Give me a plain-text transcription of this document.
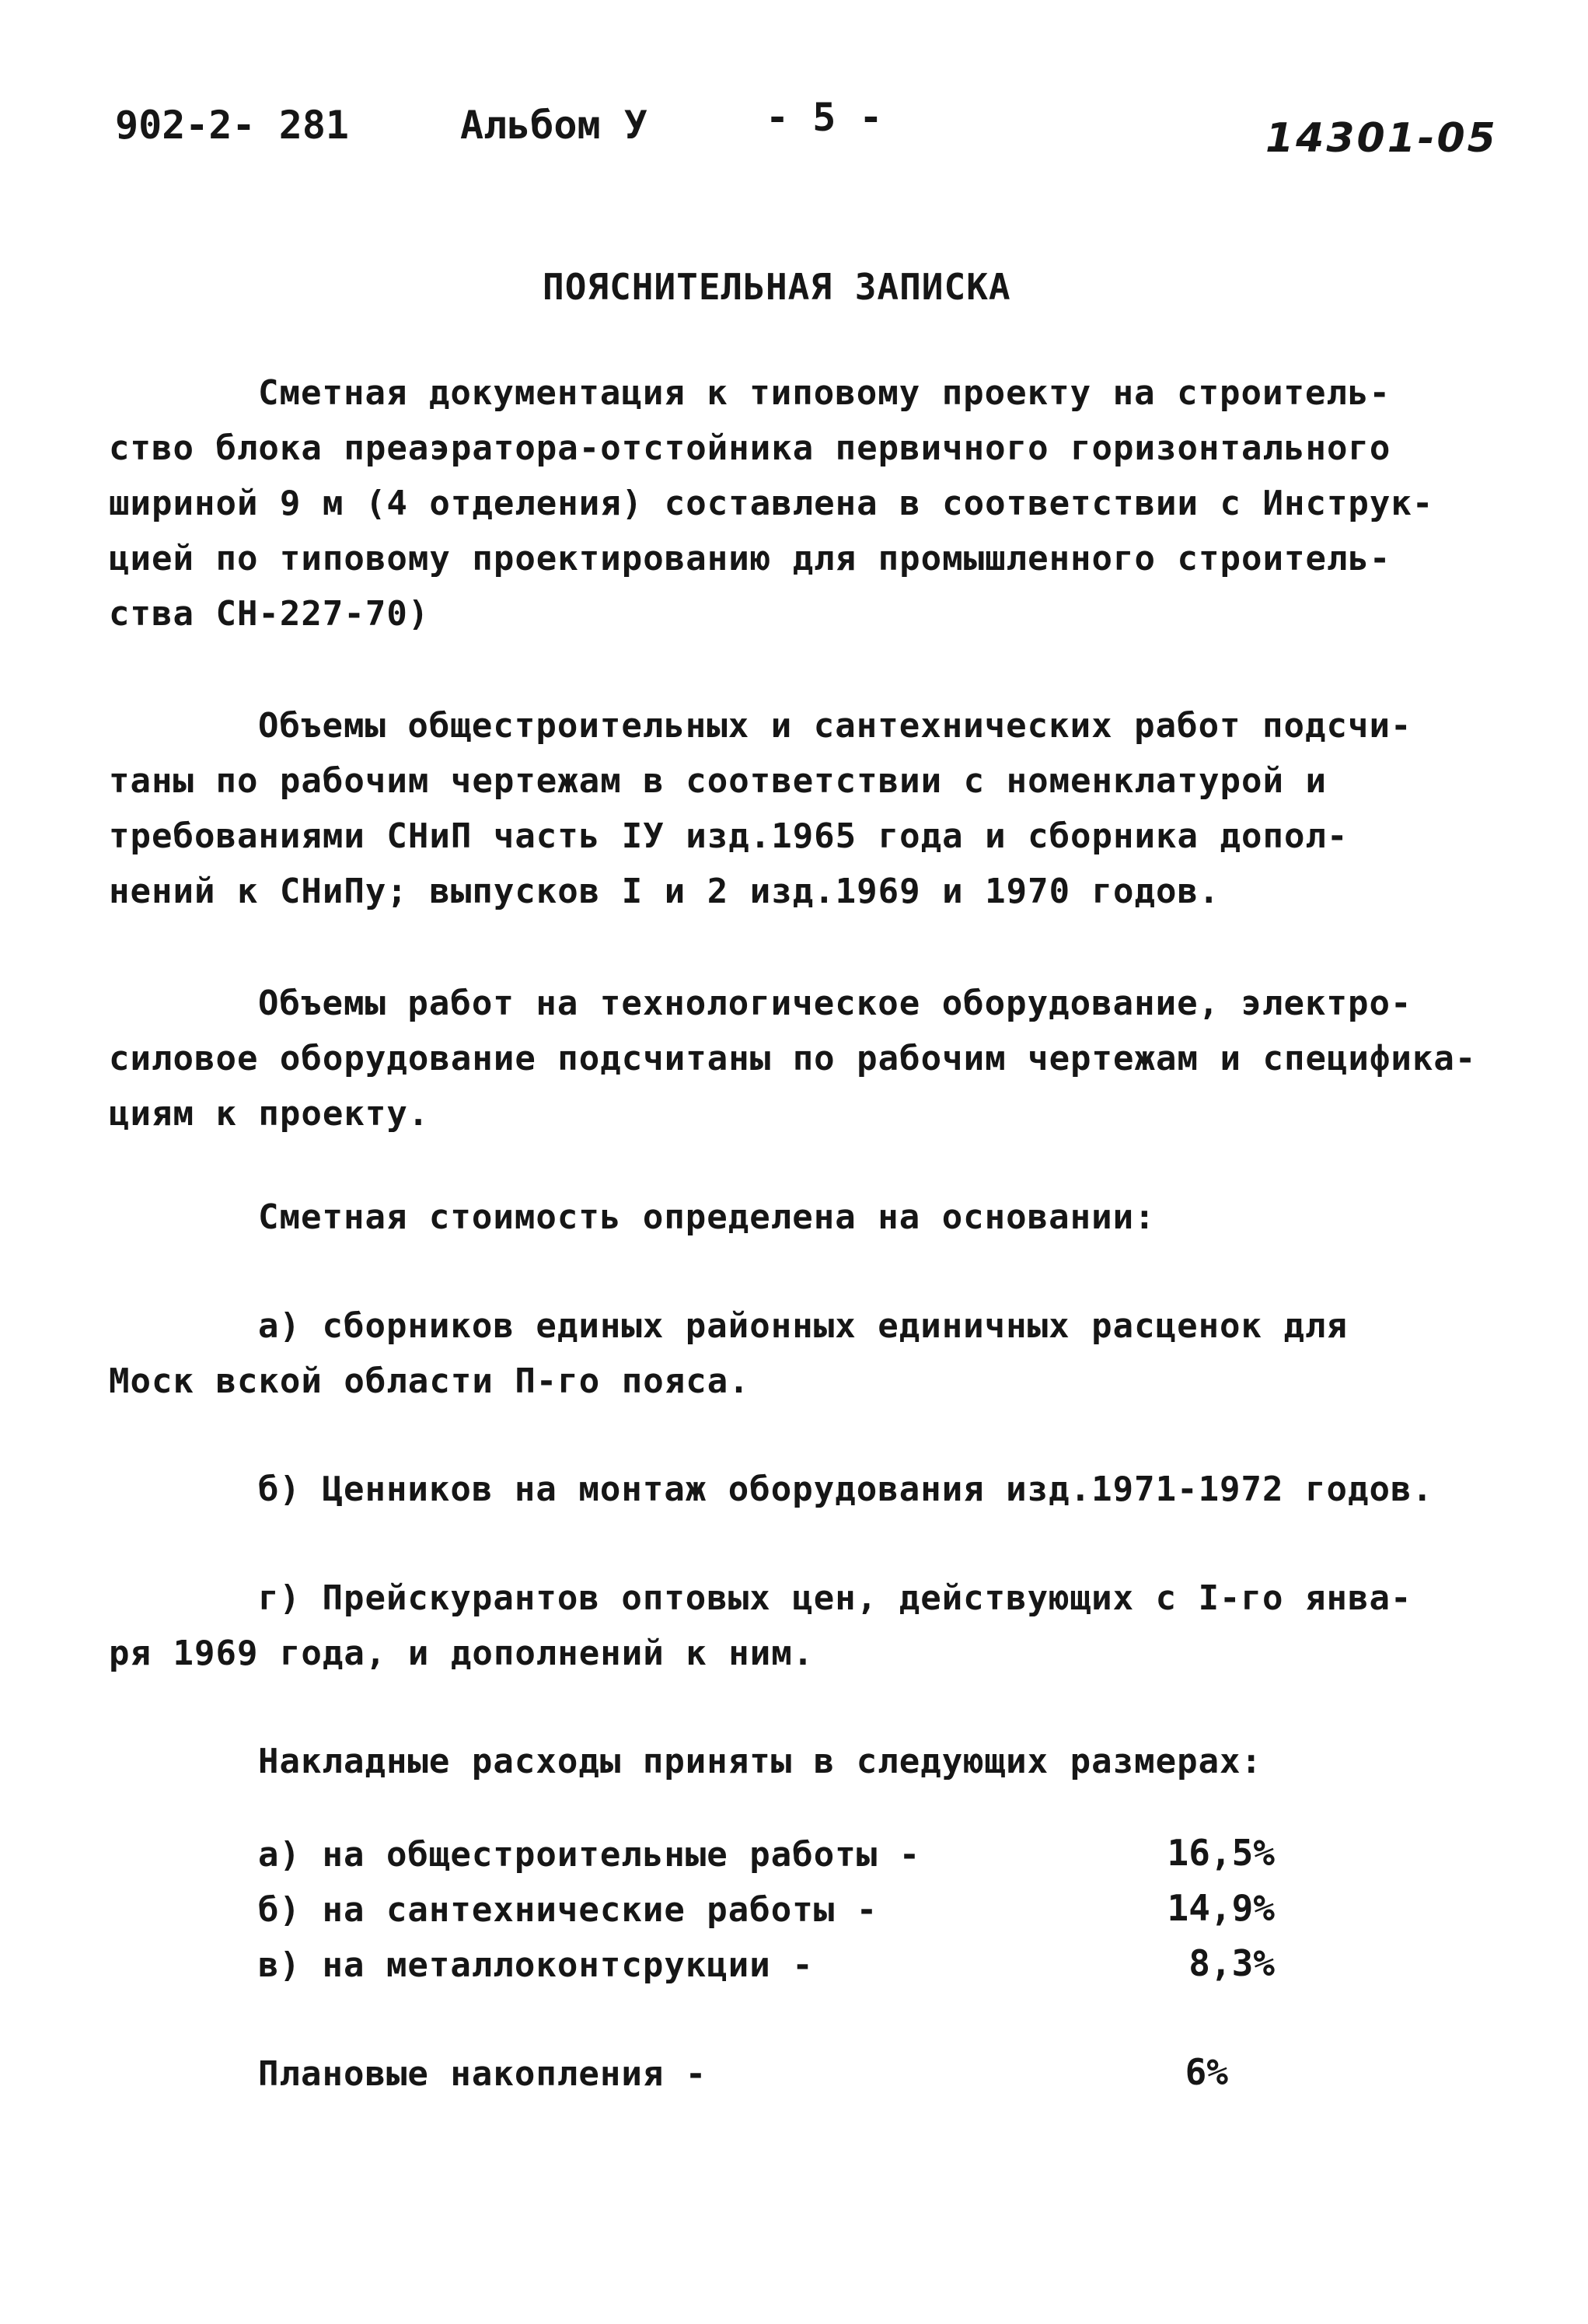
902-2- 281	Альбом У	- 5 -	14301-05
ПОЯСНИТЕЛЬНАЯ ЗАПИСКА
Сметная документация к типовому проекту на строитель-
ство блока преаэратора-отстойника первичного горизонтального
шириной 9 м (4 отделения) составлена в соответствии с Инструк-
цией по типовому проектированию для промышленного строитель-
ства СН-227-70)
Объемы общестроительных и сантехнических работ подсчи-
таны по рабочим чертежам в соответствии с номенклатурой и
требованиями СНиП часть IУ изд.1965 года и сборника допол-
нений к СНиПу; выпусков I и 2 изд.1969 и 1970 годов.
Объемы работ на технологическое оборудование, электро-
силовое оборудование подсчитаны по рабочим чертежам и специфика-
циям к проекту.
Сметная стоимость определена на основании:
а) сборников единых районных единичных расценок для
Моск вской области П-го пояса.
б) Ценников на монтаж оборудования изд.1971-1972 годов.
г) Прейскурантов оптовых цен, действующих с I-го янва-
ря 1969 года, и дополнений к ним.
Накладные расходы приняты в следующих размерах:
а) на общестроительные работы -	16,5%
б) на сантехнические работы -	14,9%
в) на металлоконтсрукции -	8,3%
Плановые накопления -	6%
